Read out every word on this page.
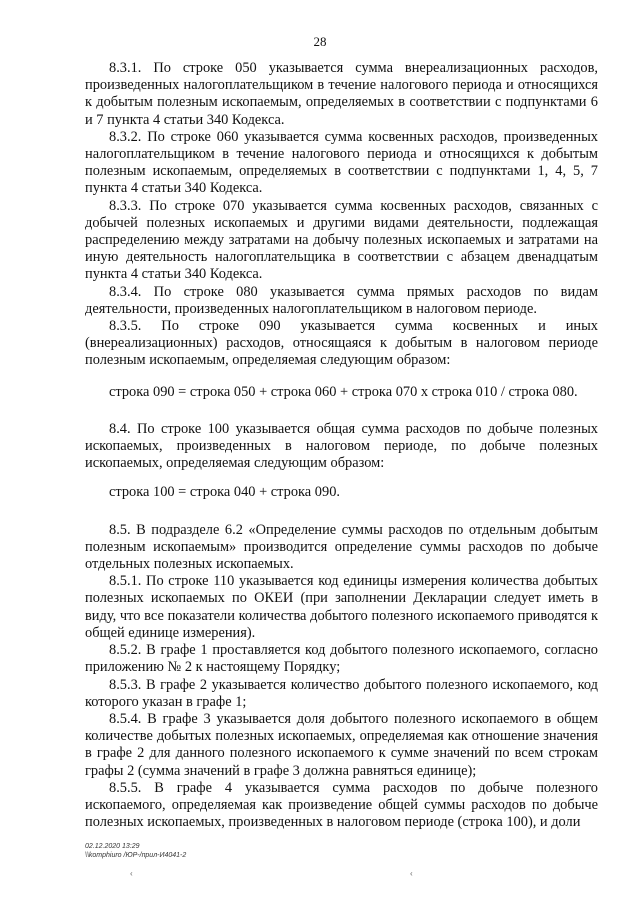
28

8.3.1. По строке 050 указывается сумма внереализационных расходов, произведенных налогоплательщиком в течение налогового периода и относящихся к добытым полезным ископаемым, определяемых в соответствии с подпунктами 6 и 7 пункта 4 статьи 340 Кодекса.

8.3.2. По строке 060 указывается сумма косвенных расходов, произведенных налогоплательщиком в течение налогового периода и относящихся к добытым полезным ископаемым, определяемых в соответствии с подпунктами 1, 4, 5, 7 пункта 4 статьи 340 Кодекса.

8.3.3. По строке 070 указывается сумма косвенных расходов, связанных с добычей полезных ископаемых и другими видами деятельности, подлежащая распределению между затратами на добычу полезных ископаемых и затратами на иную деятельность налогоплательщика в соответствии с абзацем двенадцатым пункта 4 статьи 340 Кодекса.

8.3.4. По строке 080 указывается сумма прямых расходов по видам деятельности, произведенных налогоплательщиком в налоговом периоде.

8.3.5. По строке 090 указывается сумма косвенных и иных (внереализационных) расходов, относящаяся к добытым в налоговом периоде полезным ископаемым, определяемая следующим образом:

строка 090 = строка 050 + строка 060 + строка 070 x строка 010 / строка 080.

8.4. По строке 100 указывается общая сумма расходов по добыче полезных ископаемых, произведенных в налоговом периоде, по добыче полезных ископаемых, определяемая следующим образом:

строка 100 = строка 040 + строка 090.

8.5. В подразделе 6.2 «Определение суммы расходов по отдельным добытым полезным ископаемым» производится определение суммы расходов по добыче отдельных полезных ископаемых.

8.5.1. По строке 110 указывается код единицы измерения количества добытых полезных ископаемых по ОКЕИ (при заполнении Декларации следует иметь в виду, что все показатели количества добытого полезного ископаемого приводятся к общей единице измерения).

8.5.2. В графе 1 проставляется код добытого полезного ископаемого, согласно приложению № 2 к настоящему Порядку;

8.5.3. В графе 2 указывается количество добытого полезного ископаемого, код которого указан в графе 1;

8.5.4. В графе 3 указывается доля добытого полезного ископаемого в общем количестве добытых полезных ископаемых, определяемая как отношение значения в графе 2 для данного полезного ископаемого к сумме значений по всем строкам графы 2 (сумма значений в графе 3 должна равняться единице);

8.5.5. В графе 4 указывается сумма расходов по добыче полезного ископаемого, определяемая как произведение общей суммы расходов по добыче полезных ископаемых, произведенных в налоговом периоде (строка 100), и доли

02.12.2020 13:29
\\komphiuro /ЮР-/прил-И4041-2
‹	‹
